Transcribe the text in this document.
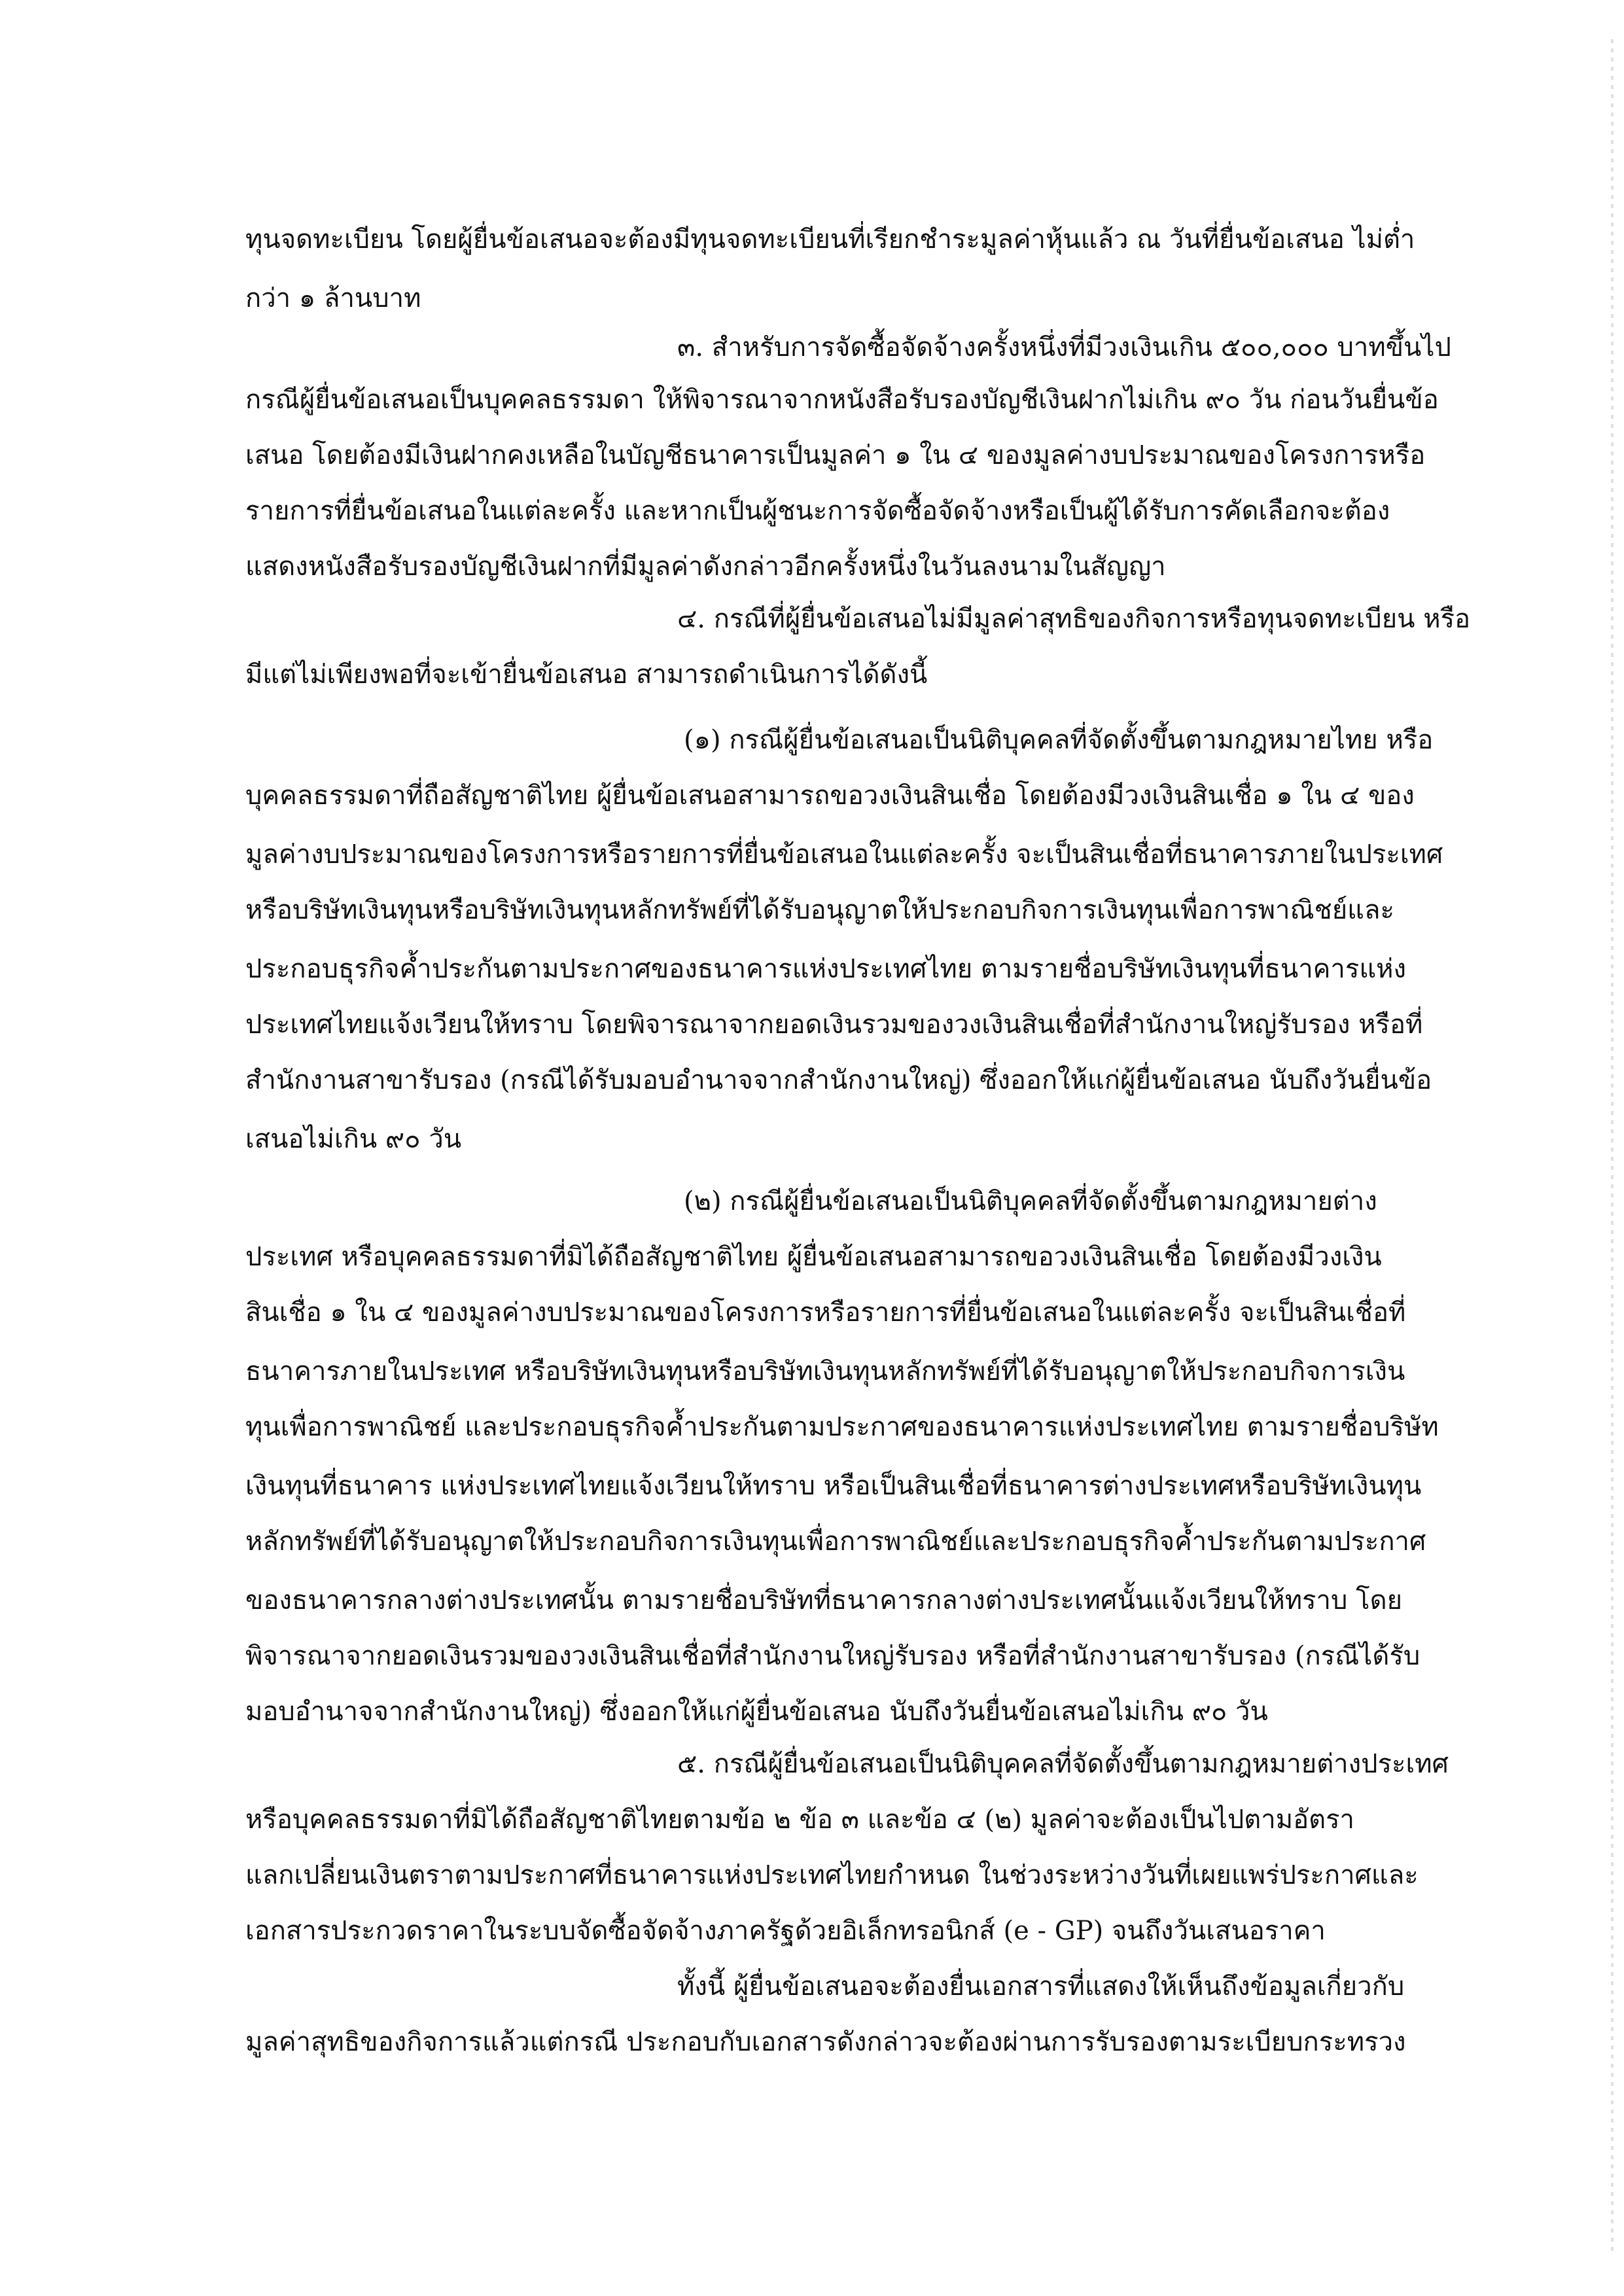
ทุนจดทะเบียน โดยผู้ยื่นข้อเสนอจะต้องมีทุนจดทะเบียนที่เรียกชำระมูลค่าหุ้นแล้ว ณ วันที่ยื่นข้อเสนอ ไม่ต่ำ
กว่า ๑ ล้านบาท
๓. สำหรับการจัดซื้อจัดจ้างครั้งหนึ่งที่มีวงเงินเกิน ๕๐๐,๐๐๐ บาทขึ้นไป
กรณีผู้ยื่นข้อเสนอเป็นบุคคลธรรมดา ให้พิจารณาจากหนังสือรับรองบัญชีเงินฝากไม่เกิน ๙๐ วัน ก่อนวันยื่นข้อ
เสนอ โดยต้องมีเงินฝากคงเหลือในบัญชีธนาคารเป็นมูลค่า ๑ ใน ๔ ของมูลค่างบประมาณของโครงการหรือ
รายการที่ยื่นข้อเสนอในแต่ละครั้ง และหากเป็นผู้ชนะการจัดซื้อจัดจ้างหรือเป็นผู้ได้รับการคัดเลือกจะต้อง
แสดงหนังสือรับรองบัญชีเงินฝากที่มีมูลค่าดังกล่าวอีกครั้งหนึ่งในวันลงนามในสัญญา
๔. กรณีที่ผู้ยื่นข้อเสนอไม่มีมูลค่าสุทธิของกิจการหรือทุนจดทะเบียน หรือ
มีแต่ไม่เพียงพอที่จะเข้ายื่นข้อเสนอ สามารถดำเนินการได้ดังนี้
(๑) กรณีผู้ยื่นข้อเสนอเป็นนิติบุคคลที่จัดตั้งขึ้นตามกฎหมายไทย หรือ
บุคคลธรรมดาที่ถือสัญชาติไทย ผู้ยื่นข้อเสนอสามารถขอวงเงินสินเชื่อ โดยต้องมีวงเงินสินเชื่อ ๑ ใน ๔ ของ
มูลค่างบประมาณของโครงการหรือรายการที่ยื่นข้อเสนอในแต่ละครั้ง จะเป็นสินเชื่อที่ธนาคารภายในประเทศ
หรือบริษัทเงินทุนหรือบริษัทเงินทุนหลักทรัพย์ที่ได้รับอนุญาตให้ประกอบกิจการเงินทุนเพื่อการพาณิชย์และ
ประกอบธุรกิจค้ำประกันตามประกาศของธนาคารแห่งประเทศไทย ตามรายชื่อบริษัทเงินทุนที่ธนาคารแห่ง
ประเทศไทยแจ้งเวียนให้ทราบ โดยพิจารณาจากยอดเงินรวมของวงเงินสินเชื่อที่สำนักงานใหญ่รับรอง หรือที่
สำนักงานสาขารับรอง (กรณีได้รับมอบอำนาจจากสำนักงานใหญ่) ซึ่งออกให้แก่ผู้ยื่นข้อเสนอ นับถึงวันยื่นข้อ
เสนอไม่เกิน ๙๐ วัน
(๒) กรณีผู้ยื่นข้อเสนอเป็นนิติบุคคลที่จัดตั้งขึ้นตามกฎหมายต่าง
ประเทศ หรือบุคคลธรรมดาที่มิได้ถือสัญชาติไทย ผู้ยื่นข้อเสนอสามารถขอวงเงินสินเชื่อ โดยต้องมีวงเงิน
สินเชื่อ ๑ ใน ๔ ของมูลค่างบประมาณของโครงการหรือรายการที่ยื่นข้อเสนอในแต่ละครั้ง จะเป็นสินเชื่อที่
ธนาคารภายในประเทศ หรือบริษัทเงินทุนหรือบริษัทเงินทุนหลักทรัพย์ที่ได้รับอนุญาตให้ประกอบกิจการเงิน
ทุนเพื่อการพาณิชย์ และประกอบธุรกิจค้ำประกันตามประกาศของธนาคารแห่งประเทศไทย ตามรายชื่อบริษัท
เงินทุนที่ธนาคาร แห่งประเทศไทยแจ้งเวียนให้ทราบ หรือเป็นสินเชื่อที่ธนาคารต่างประเทศหรือบริษัทเงินทุน
หลักทรัพย์ที่ได้รับอนุญาตให้ประกอบกิจการเงินทุนเพื่อการพาณิชย์และประกอบธุรกิจค้ำประกันตามประกาศ
ของธนาคารกลางต่างประเทศนั้น ตามรายชื่อบริษัทที่ธนาคารกลางต่างประเทศนั้นแจ้งเวียนให้ทราบ โดย
พิจารณาจากยอดเงินรวมของวงเงินสินเชื่อที่สำนักงานใหญ่รับรอง หรือที่สำนักงานสาขารับรอง (กรณีได้รับ
มอบอำนาจจากสำนักงานใหญ่) ซึ่งออกให้แก่ผู้ยื่นข้อเสนอ นับถึงวันยื่นข้อเสนอไม่เกิน ๙๐ วัน
๕. กรณีผู้ยื่นข้อเสนอเป็นนิติบุคคลที่จัดตั้งขึ้นตามกฎหมายต่างประเทศ
หรือบุคคลธรรมดาที่มิได้ถือสัญชาติไทยตามข้อ ๒ ข้อ ๓ และข้อ ๔ (๒) มูลค่าจะต้องเป็นไปตามอัตรา
แลกเปลี่ยนเงินตราตามประกาศที่ธนาคารแห่งประเทศไทยกำหนด ในช่วงระหว่างวันที่เผยแพร่ประกาศและ
เอกสารประกวดราคาในระบบจัดซื้อจัดจ้างภาครัฐด้วยอิเล็กทรอนิกส์ (e - GP) จนถึงวันเสนอราคา
ทั้งนี้ ผู้ยื่นข้อเสนอจะต้องยื่นเอกสารที่แสดงให้เห็นถึงข้อมูลเกี่ยวกับ
มูลค่าสุทธิของกิจการแล้วแต่กรณี ประกอบกับเอกสารดังกล่าวจะต้องผ่านการรับรองตามระเบียบกระทรวง
